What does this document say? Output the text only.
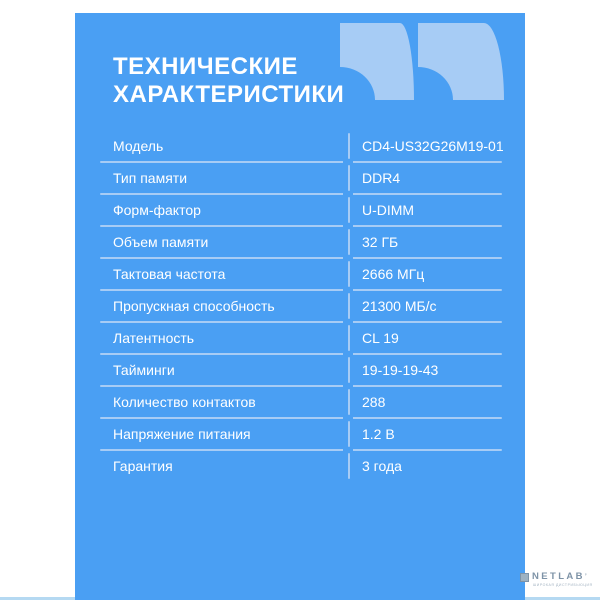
ТЕХНИЧЕСКИЕ
ХАРАКТЕРИСТИКИ
Модель	CD4-US32G26M19-01
Тип памяти	DDR4
Форм-фактор	U-DIMM
Объем памяти	32 ГБ
Тактовая частота	2666 МГц
Пропускная способность	21300 МБ/с
Латентность	CL 19
Тайминги	19-19-19-43
Количество контактов	288
Напряжение питания	1.2 В
Гарантия	3 года
NETLAB’
ШИРОКАЯ ДИСТРИБЬЮЦИЯ
